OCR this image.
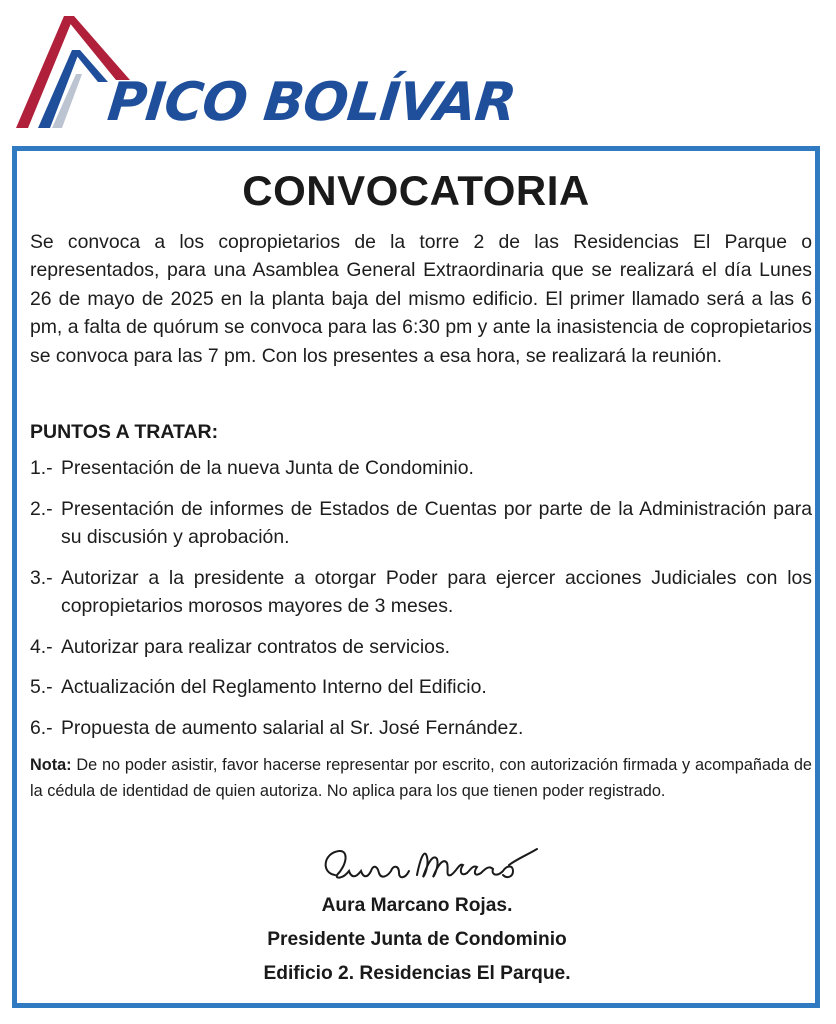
PICO BOLÍVAR
CONVOCATORIA
Se convoca a los copropietarios de la torre 2 de las Residencias El Parque o representados, para una Asamblea General Extraordinaria que se realizará el día Lunes 26 de mayo de 2025 en la planta baja del mismo edificio. El primer llamado será a las 6 pm, a falta de quórum se convoca para las 6:30 pm y ante la inasistencia de copropietarios se convoca para las 7 pm. Con los presentes a esa hora, se realizará la reunión.
PUNTOS A TRATAR:
1.- Presentación de la nueva Junta de Condominio.
2.- Presentación de informes de Estados de Cuentas por parte de la Administración para su discusión y aprobación.
3.- Autorizar a la presidente a otorgar Poder para ejercer acciones Judiciales con los copropietarios morosos mayores de 3 meses.
4.- Autorizar para realizar contratos de servicios.
5.- Actualización del Reglamento Interno del Edificio.
6.- Propuesta de aumento salarial al Sr. José Fernández.
Nota: De no poder asistir, favor hacerse representar por escrito, con autorización firmada y acompañada de la cédula de identidad de quien autoriza. No aplica para los que tienen poder registrado.
Aura Marcano Rojas.
Presidente Junta de Condominio
Edificio 2. Residencias El Parque.
